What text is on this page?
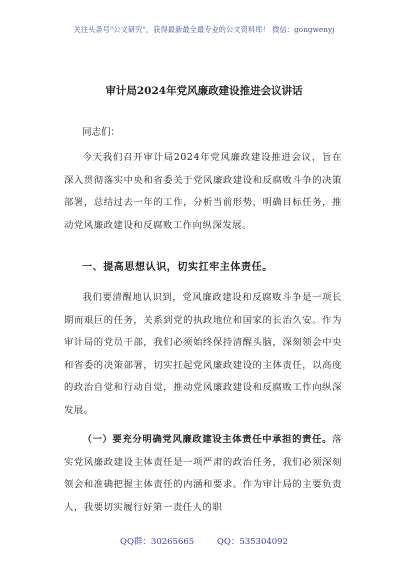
关注头条号"公文研究"，获得最新最全最专业的公文资料库！ 微信：gongwenyj
审计局2024年党风廉政建设推进会议讲话
同志们：
今天我们召开审计局2024年党风廉政建设推进会议，旨在深入贯彻落实中央和省委关于党风廉政建设和反腐败斗争的决策部署，总结过去一年的工作，分析当前形势，明确目标任务，推动党风廉政建设和反腐败工作向纵深发展。
一、提高思想认识，切实扛牢主体责任。
我们要清醒地认识到，党风廉政建设和反腐败斗争是一项长期而艰巨的任务，关系到党的执政地位和国家的长治久安。作为审计局的党员干部，我们必须始终保持清醒头脑，深刻领会中央和省委的决策部署，切实扛起党风廉政建设的主体责任，以高度的政治自觉和行动自觉，推动党风廉政建设和反腐败工作向纵深发展。
（一）要充分明确党风廉政建设主体责任中承担的责任。落实党风廉政建设主体责任是一项严肃的政治任务，我们必须深刻领会和准确把握主体责任的内涵和要求。作为审计局的主要负责人，我要切实履行好第一责任人的职
QQ群：30265665	QQ：535304092
